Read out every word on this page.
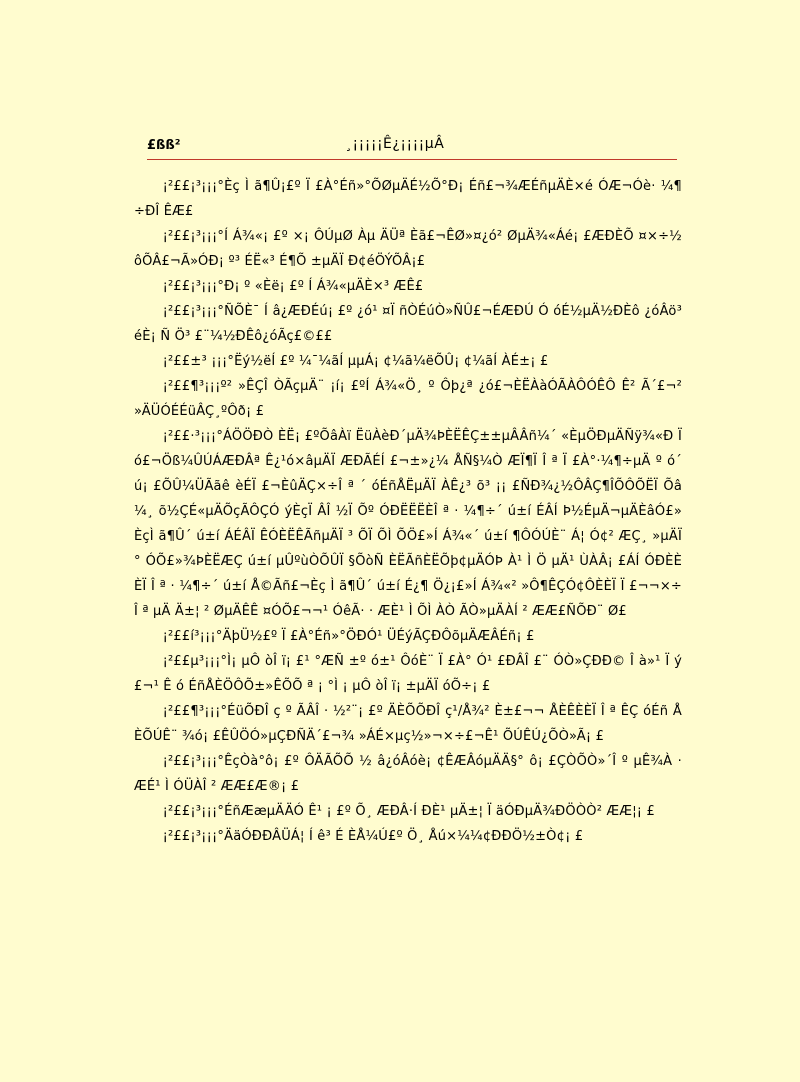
£ßß²	¸¡¡¡¡¡Ê¿¡¡¡¡µÂ

¡²££¡³¡¡¡°Èç Ì ã¶Û¡£º Ï £À°Éñ»°ÕØµÄÉ½Õ°Ð¡ Éñ£¬¾ÆÉñµÄÈ×é ÓÆ¬Óè· ¼¶÷ÐÎ ÊÆ£

¡²££¡³¡¡¡°Í Á¾«¡ £º ×¡ ÔÚµØ Àµ ÄÜª Èã£¬ÊØ»¤¿ó² ØµÄ¾«Áé¡ £ÆÐÈÕ ¤×÷½ôÕÂ£¬Ã»ÓÐ¡ º³ ÉË«³ É¶Õ ±µÄÏ Ð¢éÖÝÕÂ¡£

¡²££¡³¡¡¡°Ð¡ º «Èë¡ £º Í Á¾«µÄÈ×³ ÆÊ£

¡²££¡³¡¡¡°ÑÕÈ¯ Í â¿ÆÐÉú¡ £º ¿ó¹ ¤Ï ñÒÉúÒ»ÑÛ£¬ÉÆÐÚ Ó óÉ½µÄ½ÐÈô ¿óÂö³ éÈ¡ Ñ Ö³ £¨¼½ÐÊô¿óÃç£©££

¡²££±³ ¡¡¡°Ëý½ëÍ £º ¼¯¼ãÍ µµÁ¡ ¢¼ã¼ëÕÛ¡ ¢¼ãÍ ÀÉ±¡ £

¡²££¶³¡¡¡º² »ÊÇÎ ÒÃçµÄ¨ ¡í¡ £ºÍ Á¾«Ö¸ º Ôþ¿ª ¿ó£¬ÈËÀàÓÃÀÔÓÊÔ Ê² Ã´£¬² »ÄÜÓÉÉüÂÇ¸ºÔð¡ £

¡²££·³¡¡¡°ÁÖÖÐÒ ÈË¡ £ºÕâÀï ËüÀèÐ´µÄ¾ÞÈËÊÇ±±µÂÂñ¼´ «ÈµÖÐµÄÑÿ¾«Ð Ï ó£¬Öß¼ÛÚÁÆÐÂª Ê¿¹ó×âµÄÏ ÆÐÃÉÍ £¬±»¿¼ ÅÑ§¼Ò ÆÏ¶Ï Î ª Ï £À°·¼¶÷µÄ º ó´ ú¡ £ÕÛ¼ÜÃãê èÉÏ £¬ÈûÄÇ×÷Î ª ´ óÉñÅËµÄÏ ÀÊ¿³ õ³ ¡¡ £ÑÐ¾¿½ÔÂÇ¶ÎÕÔÕËÏ Õâ ¼¸ õ½ÇÉ«µÄÕçÃÔÇÓ ýÈçÏ ÂÎ ½Ï Õº ÓÐËËËÈÎ ª · ¼¶÷´ ú±í ÉÂÍ Þ½ÉµÄ¬µÄÈâÓ£» ÈçÌ ã¶Û´ ú±í ÁÉÂÏ ÊÓÈËÊÃñµÄÏ ³ ÕÏ ÕÌ ÕÖ£»Í Á¾«´ ú±í ¶ÔÓÚÈ¨ Á¦ Ó¢² ÆÇ¸ »µÄÏ ° ÓÕ£»¾ÞÈËÆÇ ú±í µÛºùÒÕÛÏ §ÕòÑ ÈËÃñÈËÕþ¢µÄÓÞ À¹ Ì Ö µÄ¹ ÙÀÂ¡ £ÁÍ ÓÐÈÈÈÏ Î ª · ¼¶÷´ ú±í Å©Ãñ£¬Èç Ì ã¶Û´ ú±í É¿¶ Ö¿¡£»Í Á¾«² »Ô¶ÊÇÓ¢ÔÈÈÏ Ï £¬¬×÷Î ª µÄ Ä±¦ ² ØµÄÊÊ ¤ÓÕ£¬¬¹ ÓêÃ· · ÆÈ¹ Ì ÕÌ ÀÒ ÃÒ»µÄÀÍ ² ÆÆ£ÑÕÐ¨ Ø£

¡²££í³¡¡¡°ÄþÜ½£º Ï £À°Éñ»°ÖÐÓ¹ ÜÉýÃÇÐÔõµÄÆÂÉñ¡ £

¡²££µ³¡¡¡°Ì¡ µÔ òÎ ï¡ £¹ °ÆÑ ±º ó±¹ ÔóÈ¨ Ï £À° Ó¹ £ÐÂÎ £¨ ÓÒ»ÇÐÐ© Î à»¹ Ï ý£¬¹ Ê ó ÉñÅÈÖÔÕ±»ÊÕÕ ª ¡ °Ì ¡ µÔ òÎ ï¡ ±µÄÏ óÕ÷¡ £

¡²££¶³¡¡¡°ÉüÕÐÎ ç º ÃÂÎ · ½²¨¡ £º ÄÈÕÕÐÎ ç¹/Å¾² È±£¬¬ ÅÈÊÈÈÏ Î ª ÊÇ óÉñ ÅÈÕÚÊ¨ ¾ó¡ £ÊÛÖÓ»µÇÐÑÄ´£¬¾ »ÁÉ×µç½»¬×÷£¬Ê¹ ÕÚÊÚ¿ÕÒ»Ã¡ £

¡²££¡³¡¡¡°ÊçÒà°ô¡ £º ÔÄÃÕÕ ½ â¿óÂóè¡ ¢ÊÆÂóµÄÄ§° ô¡ £ÇÒÕÒ»´Î º µÊ¾À · ÆÉ¹ Ì ÓÜÀÎ ² ÆÆ£Æ®¡ £

¡²££¡³¡¡¡°ÉñÆæµÄÄÓ Ê¹ ¡ £º Õ¸ ÆÐÂ·Í ÐÈ¹ µÄ±¦ Ï äÓÐµÄ¾ÐÖÒÒ² ÆÆ¦¡ £

¡²££¡³¡¡¡°ÄäÓÐÐÂÜÁ¦ Í ê³ É ÈÅ¼Ú£º Ö¸ Åú×¼¼¢ÐÐÖ½±Ò¢¡ £
